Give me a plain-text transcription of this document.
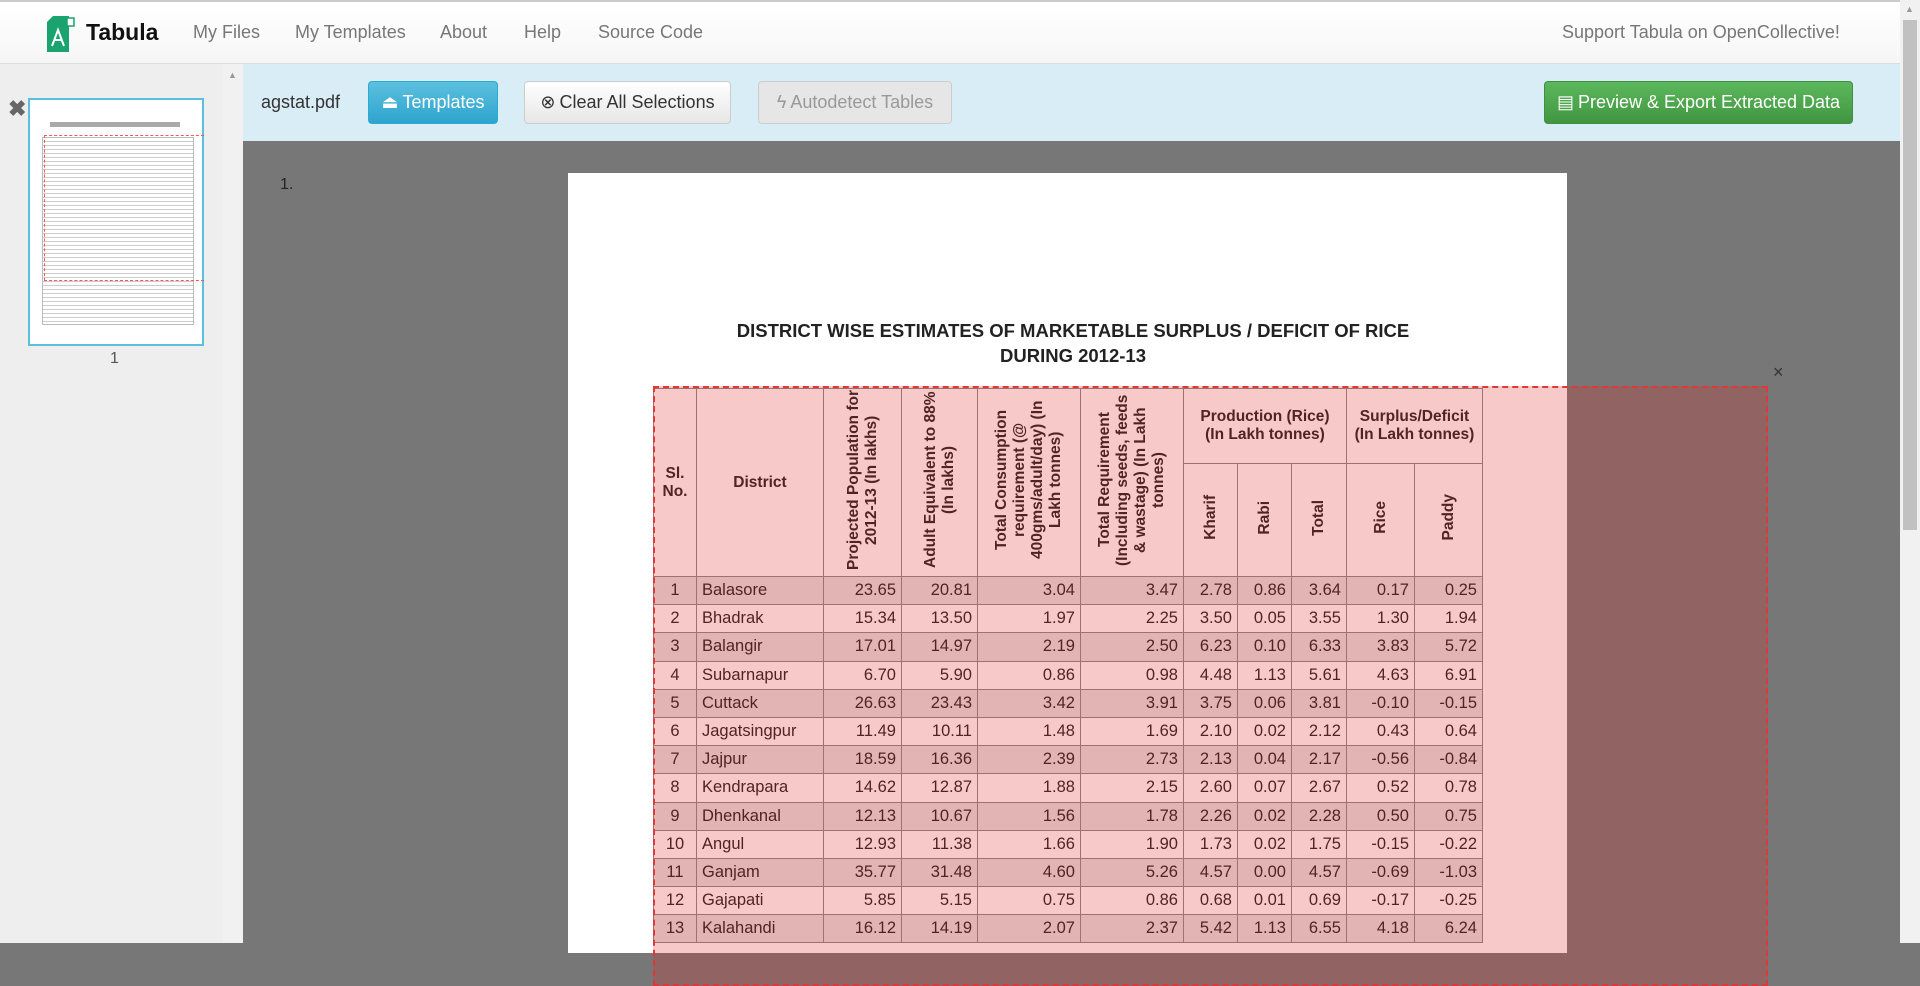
Tabula My Files My Templates About Help Source Code	Support Tabula on OpenCollective!
✖
1
▲
agstat.pdf ⏏ Templates	⊗ Clear All Selections	ϟ Autodetect Tables	▤ Preview & Export Extracted Data
1.
DISTRICT WISE ESTIMATES OF MARKETABLE SURPLUS / DEFICIT OF RICE
DURING 2012-13
Sl. No.	District	Projected Population for 2012-13 (In lakhs)	Adult Equivalent to 88% (In lakhs)	Total Consumption requirement (@ 400gms/adult/day) (In Lakh tonnes)	Total Requirement (Including seeds, feeds & wastage) (In Lakh tonnes)	Production (Rice) (In Lakh tonnes)			Surplus/Deficit (In Lakh tonnes)	
						Kharif	Rabi	Total	Rice	Paddy
1	Balasore	23.65	20.81	3.04	3.47	2.78	0.86	3.64	0.17	0.25
2	Bhadrak	15.34	13.50	1.97	2.25	3.50	0.05	3.55	1.30	1.94
3	Balangir	17.01	14.97	2.19	2.50	6.23	0.10	6.33	3.83	5.72
4	Subarnapur	6.70	5.90	0.86	0.98	4.48	1.13	5.61	4.63	6.91
5	Cuttack	26.63	23.43	3.42	3.91	3.75	0.06	3.81	-0.10	-0.15
6	Jagatsingpur	11.49	10.11	1.48	1.69	2.10	0.02	2.12	0.43	0.64
7	Jajpur	18.59	16.36	2.39	2.73	2.13	0.04	2.17	-0.56	-0.84
8	Kendrapara	14.62	12.87	1.88	2.15	2.60	0.07	2.67	0.52	0.78
9	Dhenkanal	12.13	10.67	1.56	1.78	2.26	0.02	2.28	0.50	0.75
10	Angul	12.93	11.38	1.66	1.90	1.73	0.02	1.75	-0.15	-0.22
11	Ganjam	35.77	31.48	4.60	5.26	4.57	0.00	4.57	-0.69	-1.03
12	Gajapati	5.85	5.15	0.75	0.86	0.68	0.01	0.69	-0.17	-0.25
13	Kalahandi	16.12	14.19	2.07	2.37	5.42	1.13	6.55	4.18	6.24
×
▲
